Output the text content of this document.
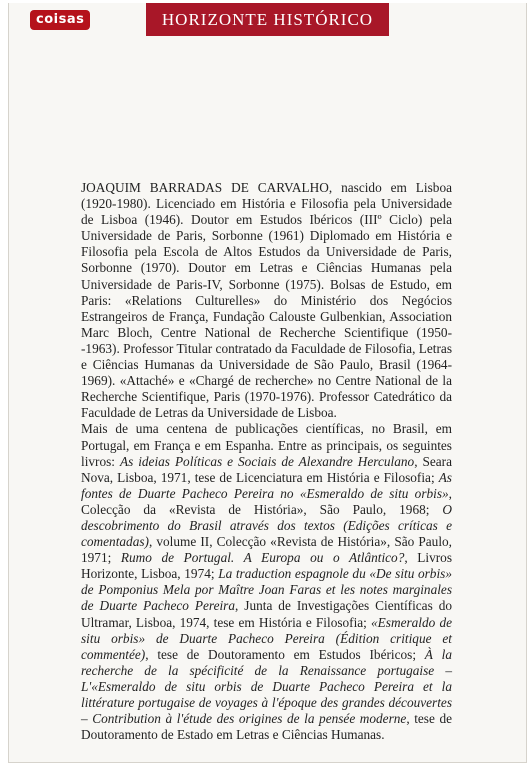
coisas	HORIZONTE HISTÓRICO

JOAQUIM BARRADAS DE CARVALHO, nascido em Lisboa (1920-1980). Licenciado em História e Filosofia pela Universidade de Lisboa (1946). Doutor em Estudos Ibéricos (IIIº Ciclo) pela Universidade de Paris, Sorbonne (1961) Diplomado em História e Filosofia pela Escola de Altos Estudos da Universidade de Paris, Sorbonne (1970). Doutor em Letras e Ciências Humanas pela Universidade de Paris-IV, Sorbonne (1975). Bolsas de Estudo, em Paris: «Relations Culturelles» do Ministério dos Negócios Estrangeiros de França, Fundação Calouste Gulbenkian, Association Marc Bloch, Centre National de Recherche Scientifique (1950--1963). Professor Titular contratado da Faculdade de Filosofia, Letras e Ciências Humanas da Universidade de São Paulo, Brasil (1964-1969). «Attaché» e «Chargé de recherche» no Centre National de la Recherche Scientifique, Paris (1970-1976). Professor Catedrático da Faculdade de Letras da Universidade de Lisboa.

Mais de uma centena de publicações científicas, no Brasil, em Portugal, em França e em Espanha. Entre as principais, os seguintes livros: As ideias Políticas e Sociais de Alexandre Herculano, Seara Nova, Lisboa, 1971, tese de Licenciatura em História e Filosofia; As fontes de Duarte Pacheco Pereira no «Esmeraldo de situ orbis», Colecção da «Revista de História», São Paulo, 1968; O descobrimento do Brasil através dos textos (Edições críticas e comentadas), volume II, Colecção «Revista de História», São Paulo, 1971; Rumo de Portugal. A Europa ou o Atlântico?, Livros Horizonte, Lisboa, 1974; La traduction espagnole du «De situ orbis» de Pomponius Mela por Maître Joan Faras et les notes marginales de Duarte Pacheco Pereira, Junta de Investigações Científicas do Ultramar, Lisboa, 1974, tese em História e Filosofia; «Esmeraldo de situ orbis» de Duarte Pacheco Pereira (Édition critique et commentée), tese de Doutoramento em Estudos Ibéricos; À la recherche de la spécificité de la Renaissance portugaise – L'«Esmeraldo de situ orbis de Duarte Pacheco Pereira et la littérature portugaise de voyages à l'époque des grandes découvertes – Contribution à l'étude des origines de la pensée moderne, tese de Doutoramento de Estado em Letras e Ciências Humanas.
